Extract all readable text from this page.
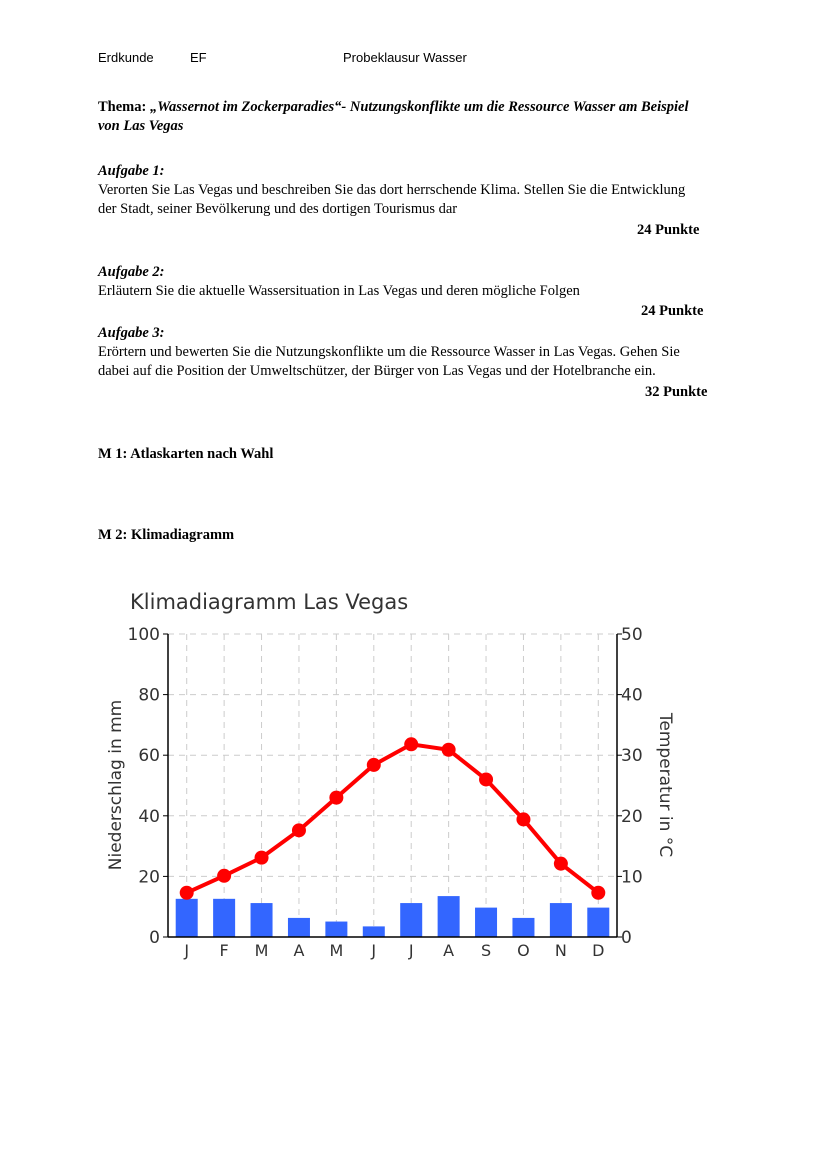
Erdkunde	EF	Probeklausur Wasser
Thema: „Wassernot im Zockerparadies“- Nutzungskonflikte um die Ressource Wasser am Beispiel
von Las Vegas
Aufgabe 1:
Verorten Sie Las Vegas und beschreiben Sie das dort herrschende Klima. Stellen Sie die Entwicklung
der Stadt, seiner Bevölkerung und des dortigen Tourismus dar
24 Punkte
Aufgabe 2:
Erläutern Sie die aktuelle Wassersituation in Las Vegas und deren mögliche Folgen
24 Punkte
Aufgabe 3:
Erörtern und bewerten Sie die Nutzungskonflikte um die Ressource Wasser in Las Vegas. Gehen Sie
dabei auf die Position der Umweltschützer, der Bürger von Las Vegas und der Hotelbranche ein.
32 Punkte
M 1: Atlaskarten nach Wahl
M 2: Klimadiagramm
Klimadiagramm Las Vegas
Niederschlag in mm	Temperatur in °C
0	0
20	10
40	20
60	30
80	40
100	50
J F M A M J J A S O N D
